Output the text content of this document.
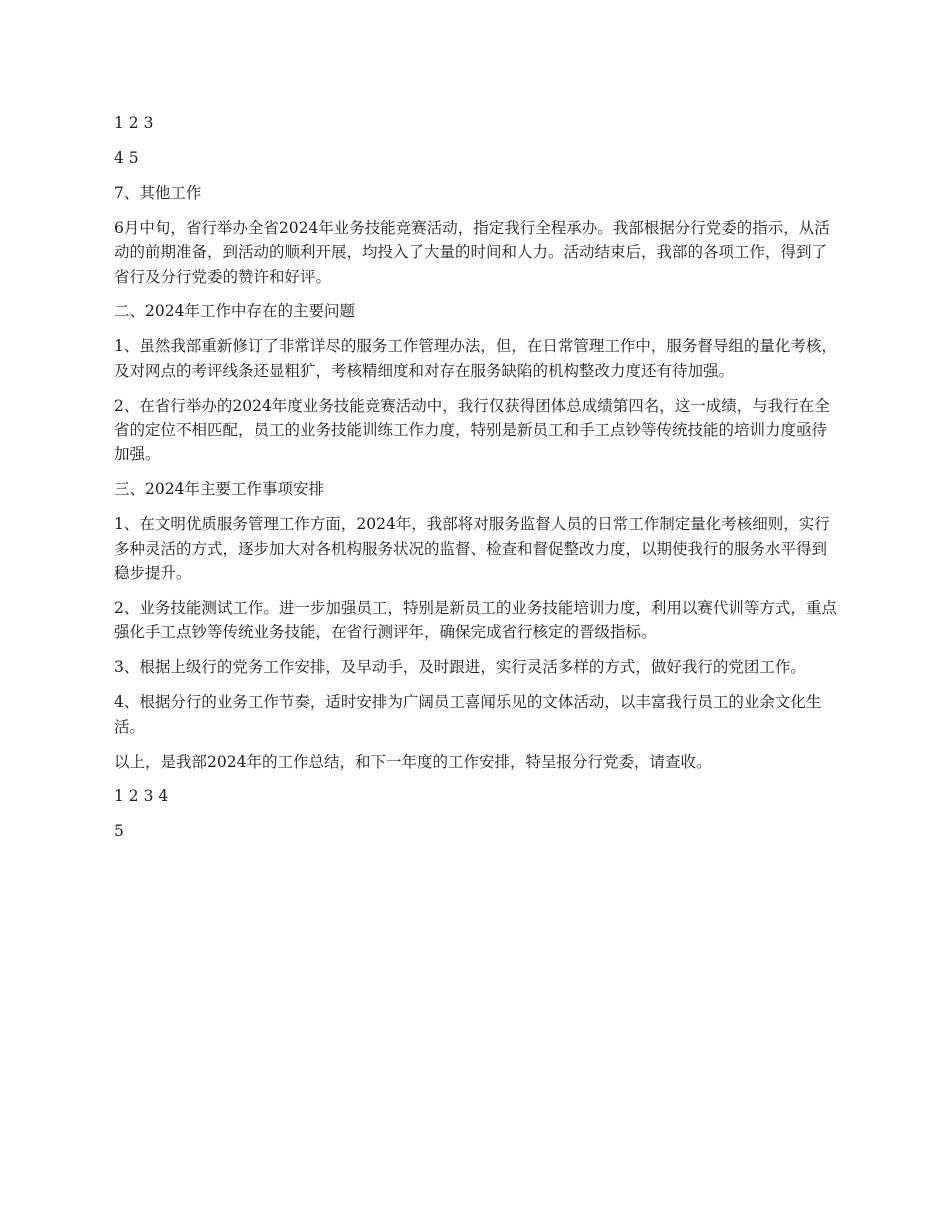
1 2 3

4 5

7、其他工作

6月中旬，省行举办全省2024年业务技能竞赛活动，指定我行全程承办。我部根据分行党委的指示，从活动的前期准备，到活动的顺利开展，均投入了大量的时间和人力。活动结束后，我部的各项工作，得到了省行及分行党委的赞许和好评。

二、2024年工作中存在的主要问题

1、虽然我部重新修订了非常详尽的服务工作管理办法，但，在日常管理工作中，服务督导组的量化考核，及对网点的考评线条还显粗犷，考核精细度和对存在服务缺陷的机构整改力度还有待加强。

2、在省行举办的2024年度业务技能竞赛活动中，我行仅获得团体总成绩第四名，这一成绩，与我行在全省的定位不相匹配，员工的业务技能训练工作力度，特别是新员工和手工点钞等传统技能的培训力度亟待加强。

三、2024年主要工作事项安排

1、在文明优质服务管理工作方面，2024年，我部将对服务监督人员的日常工作制定量化考核细则，实行多种灵活的方式，逐步加大对各机构服务状况的监督、检查和督促整改力度，以期使我行的服务水平得到稳步提升。

2、业务技能测试工作。进一步加强员工，特别是新员工的业务技能培训力度，利用以赛代训等方式，重点强化手工点钞等传统业务技能，在省行测评年，确保完成省行核定的晋级指标。

3、根据上级行的党务工作安排，及早动手，及时跟进，实行灵活多样的方式，做好我行的党团工作。

4、根据分行的业务工作节奏，适时安排为广阔员工喜闻乐见的文体活动，以丰富我行员工的业余文化生活。

以上，是我部2024年的工作总结，和下一年度的工作安排，特呈报分行党委，请查收。

1 2 3 4

5
